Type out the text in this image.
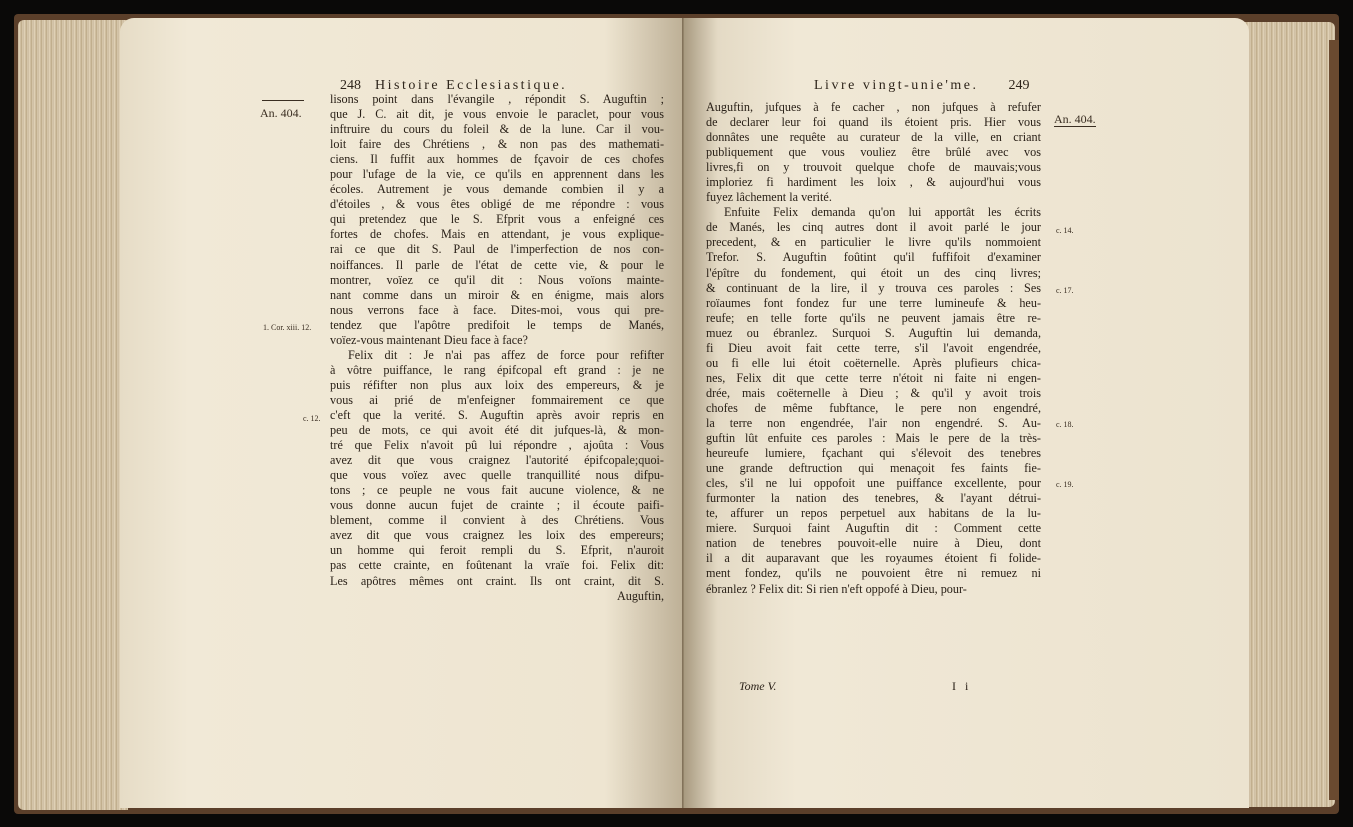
248 Histoire Ecclesiastique.
An. 404.
1. Cor. xiii. 12.
c. 12.
lisons point dans l'évangile , répondit S. Auguftin ;
que J. C. ait dit, je vous envoie le paraclet, pour vous
inftruire du cours du foleil & de la lune. Car il vou-
loit faire des Chrétiens , & non pas des mathemati-
ciens. Il fuffit aux hommes de fçavoir de ces chofes
pour l'ufage de la vie, ce qu'ils en apprennent dans les
écoles. Autrement je vous demande combien il y a
d'étoiles , & vous êtes obligé de me répondre : vous
qui pretendez que le S. Efprit vous a enfeigné ces
fortes de chofes. Mais en attendant, je vous explique-
rai ce que dit S. Paul de l'imperfection de nos con-
noiffances. Il parle de l'état de cette vie, & pour le
montrer, voïez ce qu'il dit : Nous voïons mainte-
nant comme dans un miroir & en énigme, mais alors
nous verrons face à face. Dites-moi, vous qui pre-
tendez que l'apôtre predifoit le temps de Manés,
voïez-vous maintenant Dieu face à face?
Felix dit : Je n'ai pas affez de force pour refifter
à vôtre puiffance, le rang épifcopal eft grand : je ne
puis réfifter non plus aux loix des empereurs, & je
vous ai prié de m'enfeigner fommairement ce que
c'eft que la verité. S. Auguftin après avoir repris en
peu de mots, ce qui avoit été dit jufques-là, & mon-
tré que Felix n'avoit pû lui répondre , ajoûta : Vous
avez dit que vous craignez l'autorité épifcopale;quoi-
que vous voïez avec quelle tranquillité nous difpu-
tons ; ce peuple ne vous fait aucune violence, & ne
vous donne aucun fujet de crainte ; il écoute paifi-
blement, comme il convient à des Chrétiens. Vous
avez dit que vous craignez les loix des empereurs;
un homme qui feroit rempli du S. Efprit, n'auroit
pas cette crainte, en foûtenant la vraïe foi. Felix dit:
Les apôtres mêmes ont craint. Ils ont craint, dit S.
Auguftin,
Livre vingt-unie'me. 249
An. 404.
c. 14.
c. 17.
c. 18.
c. 19.
Auguftin, jufques à fe cacher , non jufques à refufer
de declarer leur foi quand ils étoient pris. Hier vous
donnâtes une requête au curateur de la ville, en criant
publiquement que vous vouliez être brûlé avec vos
livres,fi on y trouvoit quelque chofe de mauvais;vous
imploriez fi hardiment les loix , & aujourd'hui vous
fuyez lâchement la verité.
Enfuite Felix demanda qu'on lui apportât les écrits
de Manés, les cinq autres dont il avoit parlé le jour
precedent, & en particulier le livre qu'ils nommoient
Trefor. S. Auguftin foûtint qu'il fuffifoit d'examiner
l'épître du fondement, qui étoit un des cinq livres;
& continuant de la lire, il y trouva ces paroles : Ses
roïaumes font fondez fur une terre lumineufe & heu-
reufe; en telle forte qu'ils ne peuvent jamais être re-
muez ou ébranlez. Surquoi S. Auguftin lui demanda,
fi Dieu avoit fait cette terre, s'il l'avoit engendrée,
ou fi elle lui étoit coëternelle. Après plufieurs chica-
nes, Felix dit que cette terre n'étoit ni faite ni engen-
drée, mais coëternelle à Dieu ; & qu'il y avoit trois
chofes de même fubftance, le pere non engendré,
la terre non engendrée, l'air non engendré. S. Au-
guftin lût enfuite ces paroles : Mais le pere de la très-
heureufe lumiere, fçachant qui s'élevoit des tenebres
une grande deftruction qui menaçoit fes faints fie-
cles, s'il ne lui oppofoit une puiffance excellente, pour
furmonter la nation des tenebres, & l'ayant détrui-
te, affurer un repos perpetuel aux habitans de la lu-
miere. Surquoi faint Auguftin dit : Comment cette
nation de tenebres pouvoit-elle nuire à Dieu, dont
il a dit auparavant que les royaumes étoient fi folide-
ment fondez, qu'ils ne pouvoient être ni remuez ni
ébranlez ? Felix dit: Si rien n'eft oppofé à Dieu, pour-
Tome V.	I i
